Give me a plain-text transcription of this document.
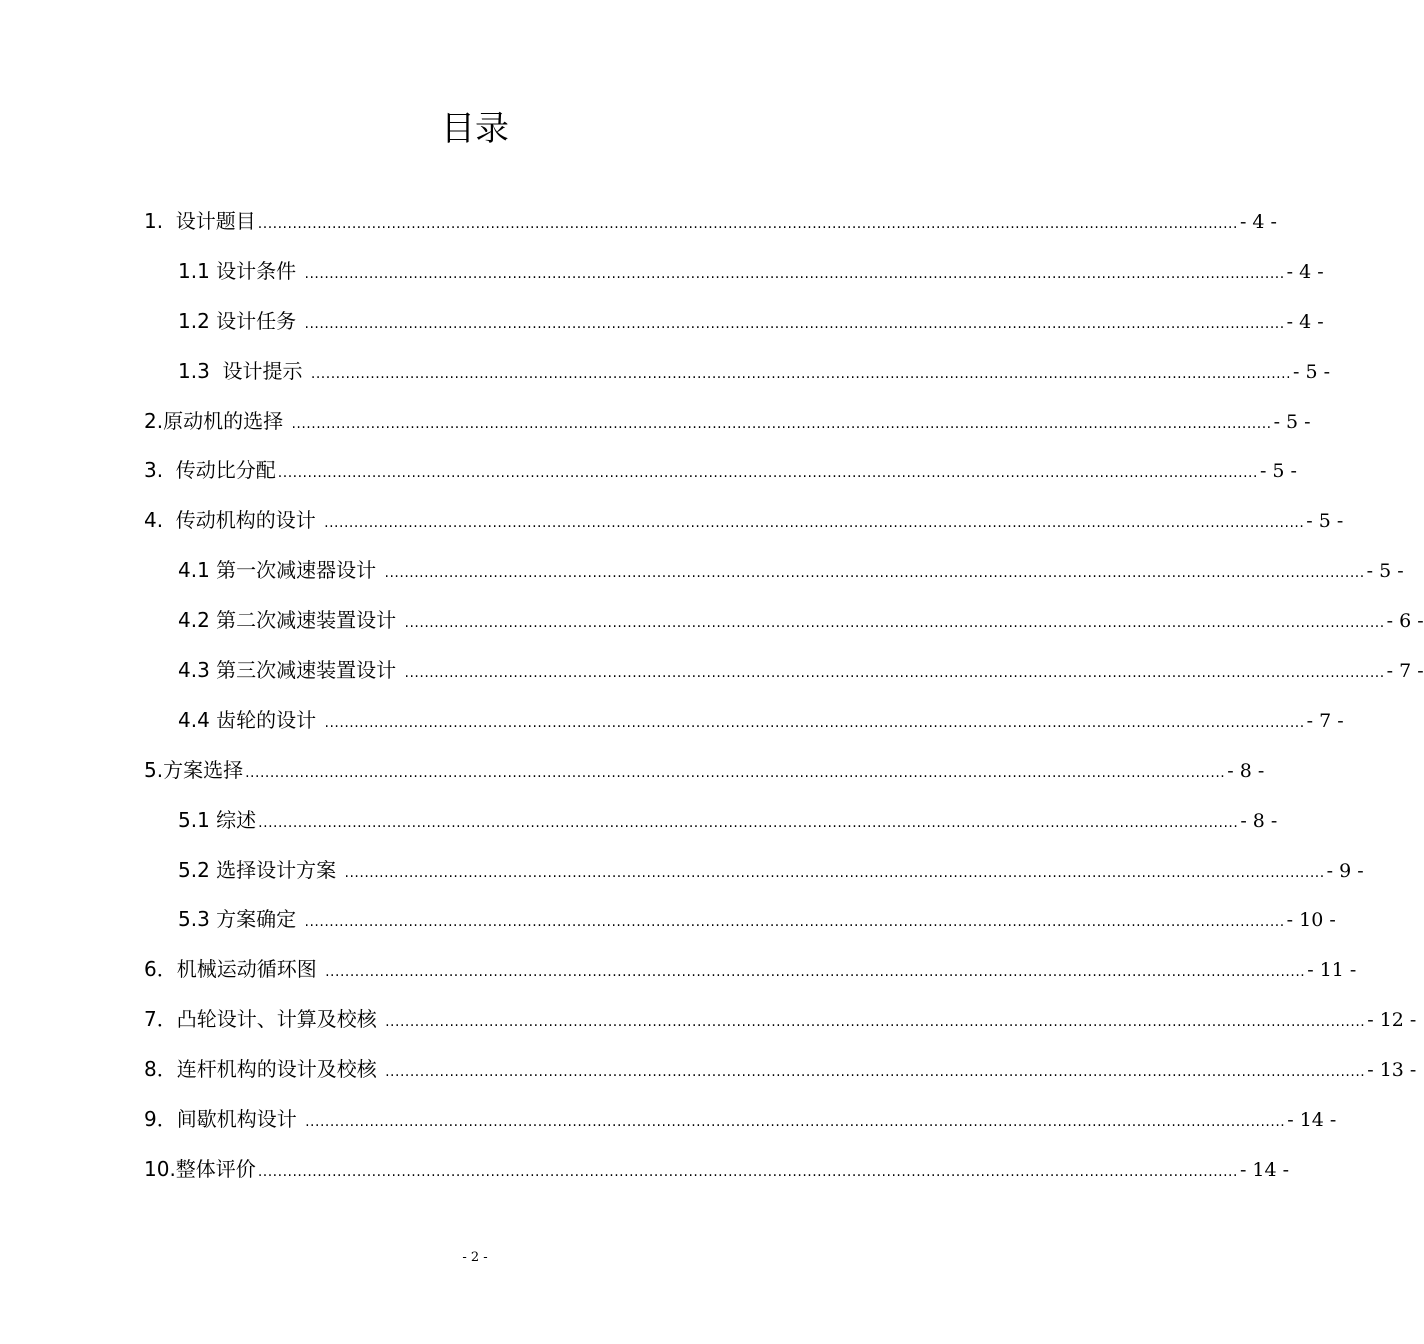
目录
1.  设计题目 ...................................................................................................................................................................................................... - 4 -
1.1 设计条件 ...................................................................................................................................................................................................... - 4 -
1.2 设计任务 ...................................................................................................................................................................................................... - 4 -
1.3  设计提示 ...................................................................................................................................................................................................... - 5 -
2.原动机的选择 ...................................................................................................................................................................................................... - 5 -
3.  传动比分配 ...................................................................................................................................................................................................... - 5 -
4.  传动机构的设计 ...................................................................................................................................................................................................... - 5 -
4.1 第一次减速器设计 ...................................................................................................................................................................................................... - 5 -
4.2 第二次减速装置设计 ...................................................................................................................................................................................................... - 6 -
4.3 第三次减速装置设计 ...................................................................................................................................................................................................... - 7 -
4.4 齿轮的设计 ...................................................................................................................................................................................................... - 7 -
5.方案选择 ...................................................................................................................................................................................................... - 8 -
5.1 综述 ...................................................................................................................................................................................................... - 8 -
5.2 选择设计方案 ...................................................................................................................................................................................................... - 9 -
5.3 方案确定 ...................................................................................................................................................................................................... - 10 -
6．机械运动循环图 ...................................................................................................................................................................................................... - 11 -
7．凸轮设计、计算及校核 ...................................................................................................................................................................................................... - 12 -
8．连杆机构的设计及校核 ...................................................................................................................................................................................................... - 13 -
9．间歇机构设计 ...................................................................................................................................................................................................... - 14 -
10.整体评价 ...................................................................................................................................................................................................... - 14 -
- 2 -
